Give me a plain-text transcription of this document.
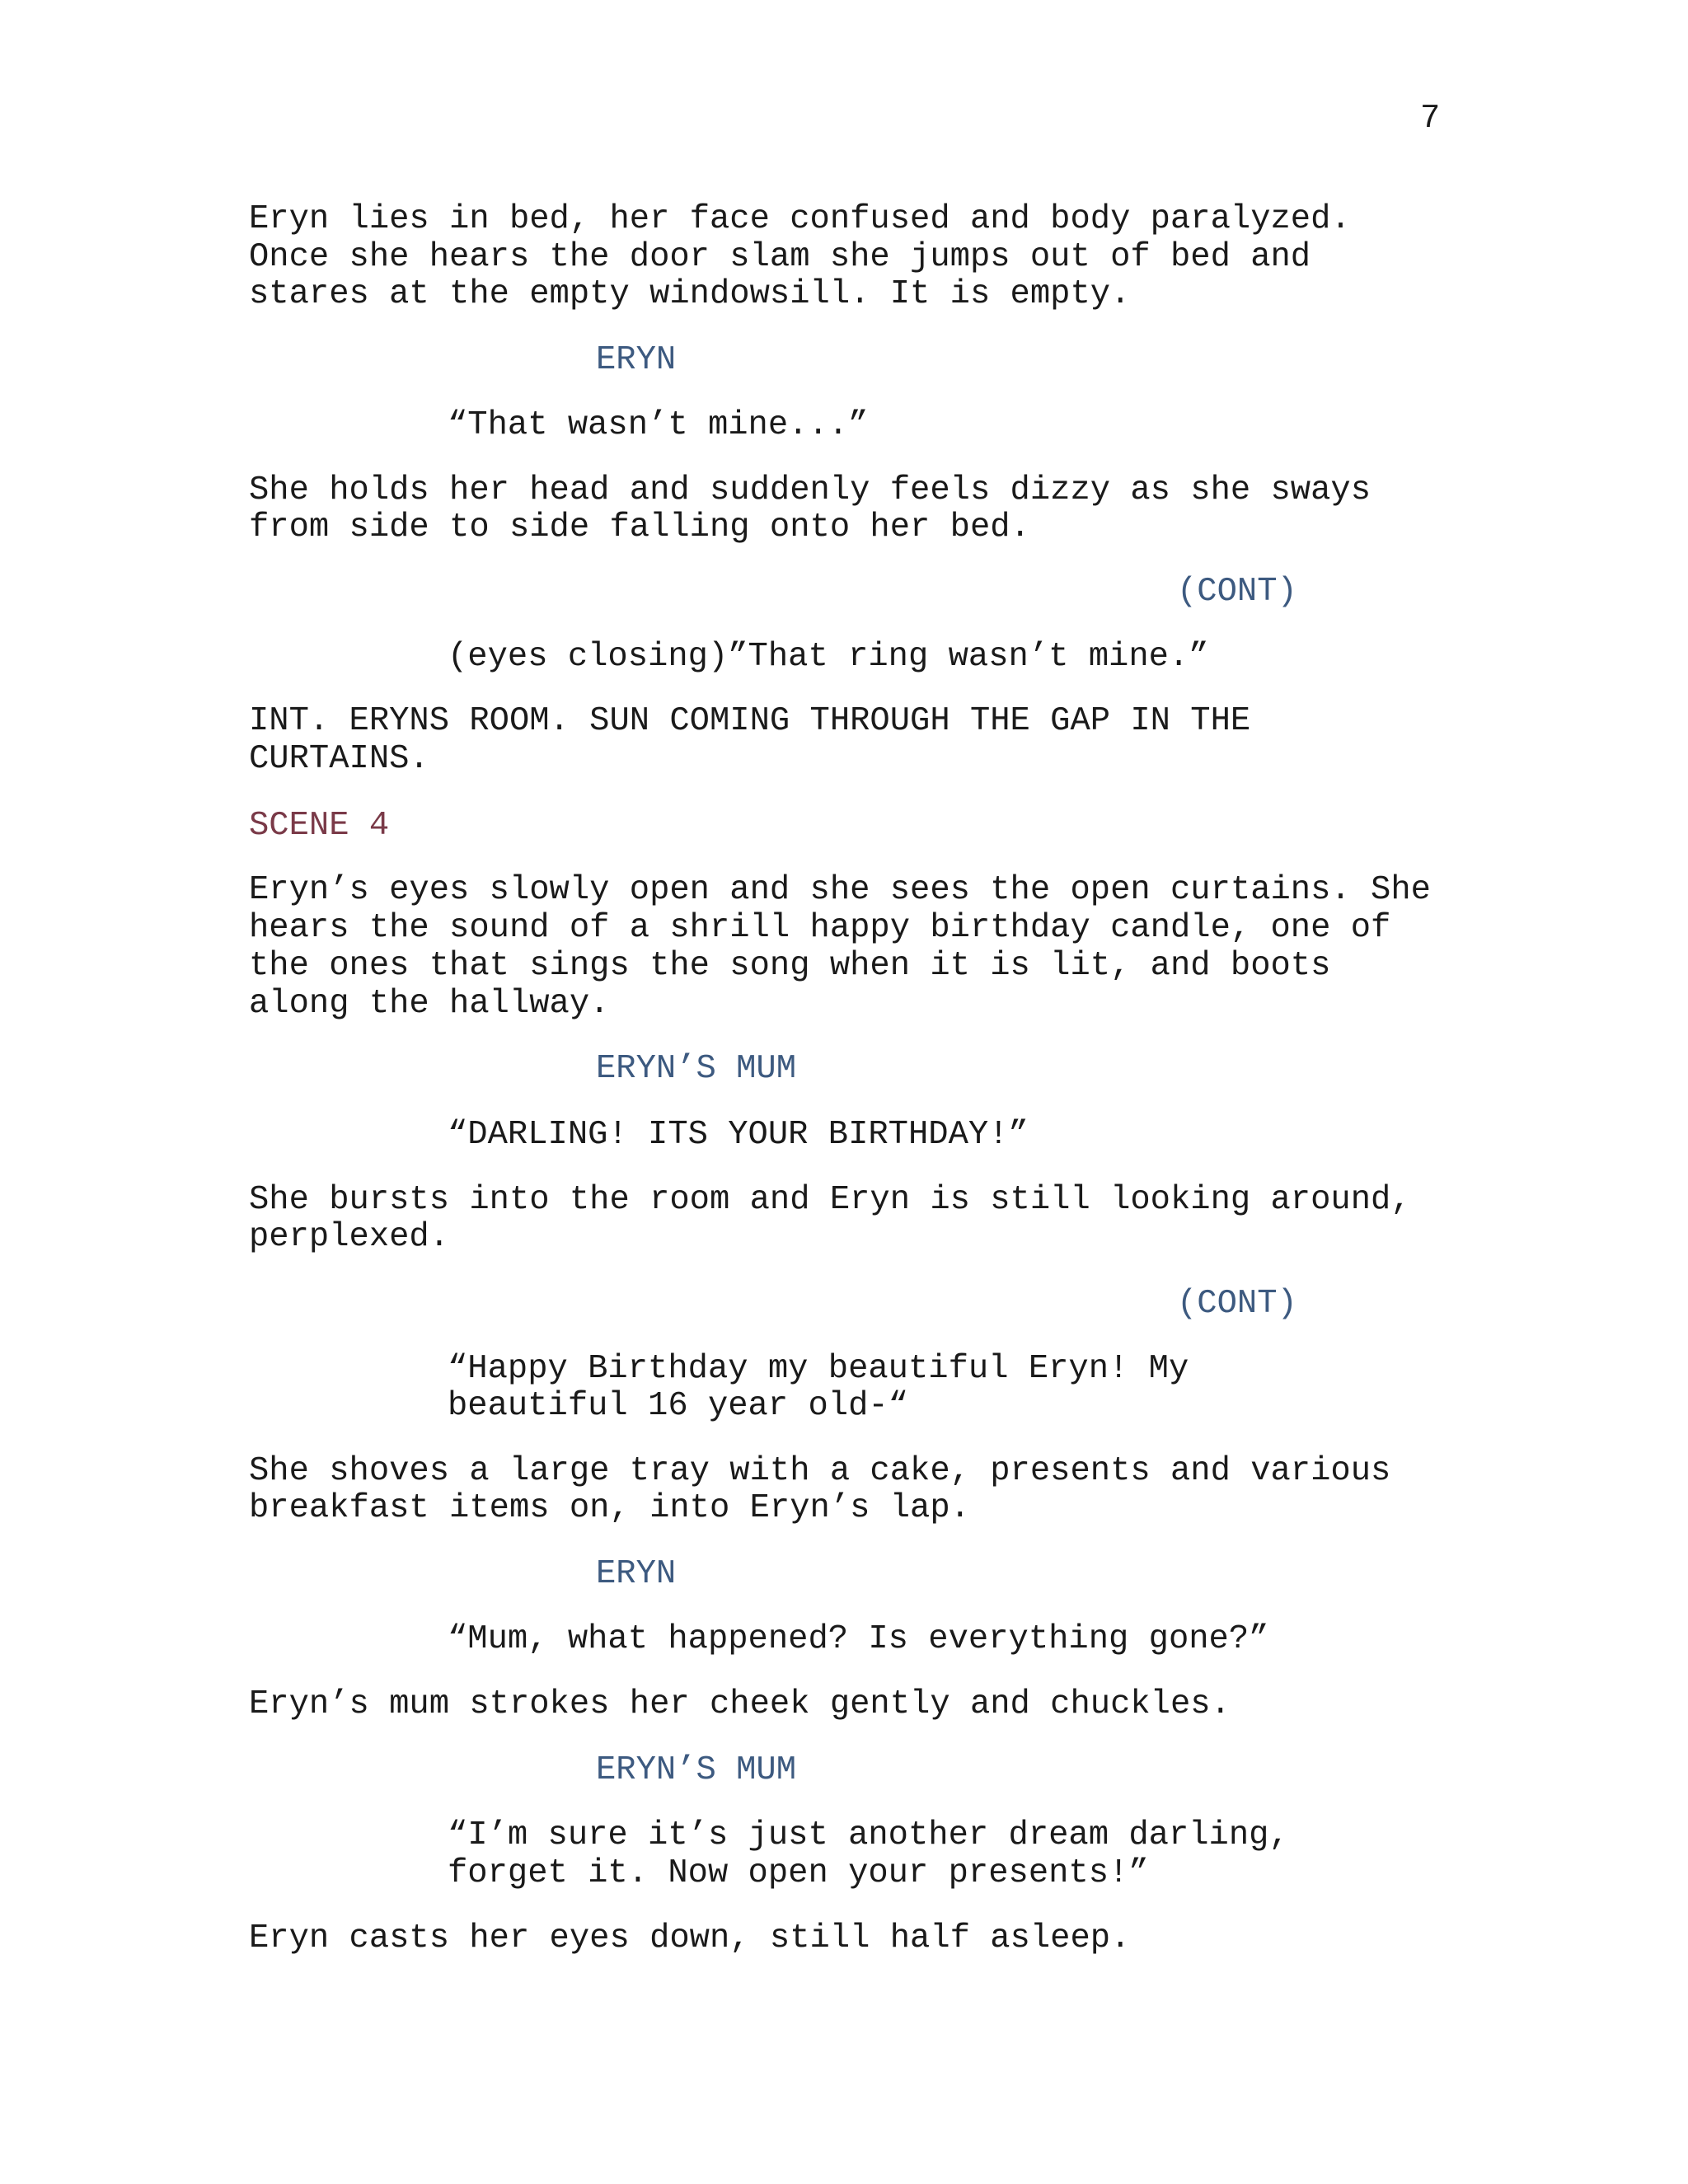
7
Eryn lies in bed, her face confused and body paralyzed.
Once she hears the door slam she jumps out of bed and
stares at the empty windowsill. It is empty.
ERYN
“That wasn’t mine...”
She holds her head and suddenly feels dizzy as she sways
from side to side falling onto her bed.
(CONT)
(eyes closing)”That ring wasn’t mine.”
INT. ERYNS ROOM. SUN COMING THROUGH THE GAP IN THE
CURTAINS.
SCENE 4
Eryn’s eyes slowly open and she sees the open curtains. She
hears the sound of a shrill happy birthday candle, one of
the ones that sings the song when it is lit, and boots
along the hallway.
ERYN’S MUM
“DARLING! ITS YOUR BIRTHDAY!”
She bursts into the room and Eryn is still looking around,
perplexed.
(CONT)
“Happy Birthday my beautiful Eryn! My
beautiful 16 year old-“
She shoves a large tray with a cake, presents and various
breakfast items on, into Eryn’s lap.
ERYN
“Mum, what happened? Is everything gone?”
Eryn’s mum strokes her cheek gently and chuckles.
ERYN’S MUM
“I’m sure it’s just another dream darling,
forget it. Now open your presents!”
Eryn casts her eyes down, still half asleep.
